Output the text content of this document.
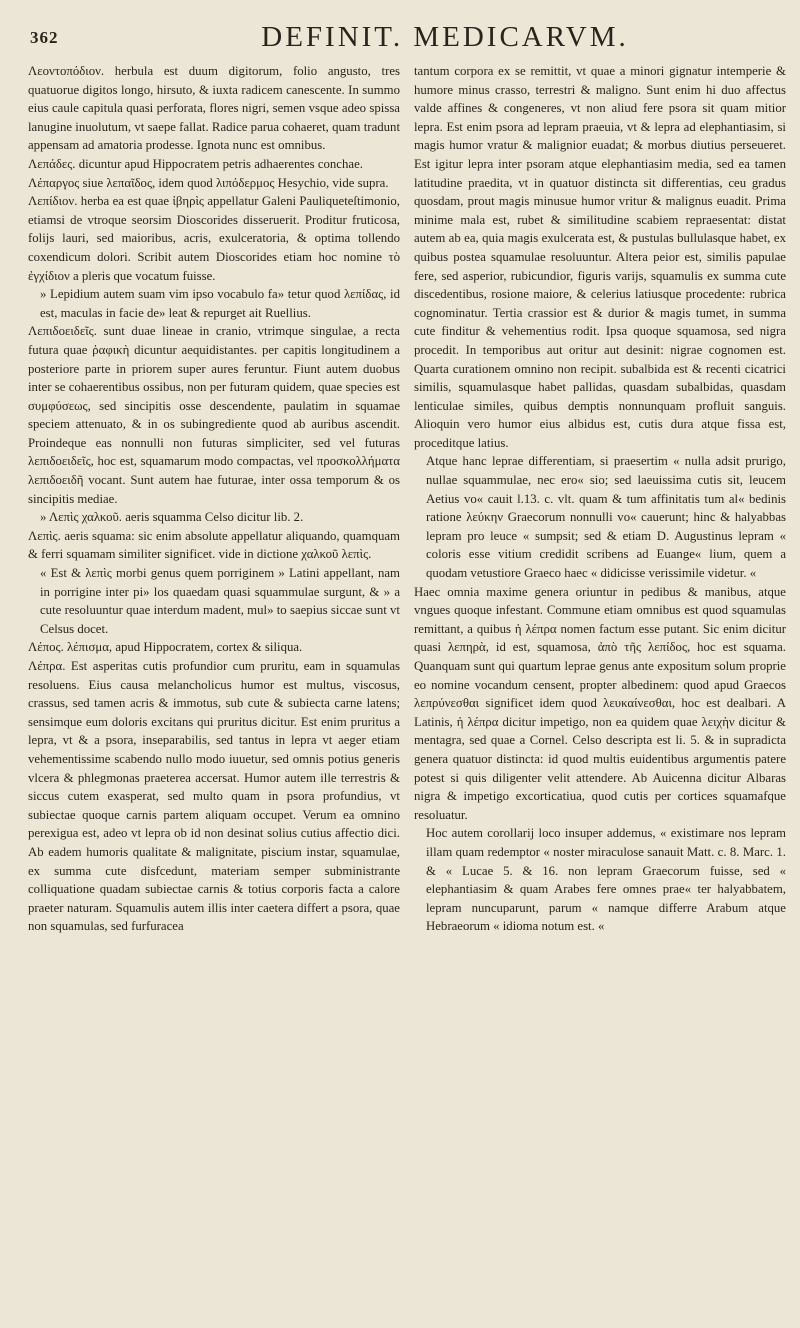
362	DEFINIT. MEDICARVM.

Λεοντοπόδιον. herbula est duum digitorum, folio angusto, tres quatuorue digitos longo, hirsuto, & iuxta radicem canescente. In summo eius caule capitula quasi perforata, flores nigri, semen vsque adeo spissa lanugine inuolutum, vt saepe fallat. Radice parua cohaeret, quam tradunt appensam ad amatoria prodesse. Ignota nunc est omnibus.

Λεπάδες. dicuntur apud Hippocratem petris adhaerentes conchae.

Λέπαργος siue λεπαῖδος, idem quod λιπόδερμος Hesychio, vide supra.

Λεπίδιον. herba ea est quae ἰβηρὶς appellatur Galeni Pauliqueteſtimonio, etiamsi de vtroque seorsim Dioscorides disseruerit. Proditur fruticosa, folijs lauri, sed maioribus, acris, exulceratoria, & optima tollendo coxendicum dolori. Scribit autem Dioscorides etiam hoc nomine τὸ ἐγχίδιον a pleris que vocatum fuisse.

» Lepidium autem suam vim ipso vocabulo fa» tetur quod λεπίδας, id est, maculas in facie de» leat & repurget ait Ruellius.

Λεπιδοειδεῖς. sunt duae lineae in cranio, vtrimque singulae, a recta futura quae ῥαφικὴ dicuntur aequidistantes. per capitis longitudinem a posteriore parte in priorem super aures feruntur. Fiunt autem duobus inter se cohaerentibus ossibus, non per futuram quidem, quae species est συμφύσεως, sed sincipitis osse descendente, paulatim in squamae speciem attenuato, & in os subingrediente quod ab auribus ascendit. Proindeque eas nonnulli non futuras simpliciter, sed vel futuras λεπιδοειδεῖς, hoc est, squamarum modo compactas, vel προσκολλήματα λεπιδοειδῆ vocant. Sunt autem hae futurae, inter ossa temporum & os sincipitis mediae.

» Λεπὶς χαλκοῦ. aeris squamma Celso dicitur lib. 2.

Λεπὶς. aeris squama: sic enim absolute appellatur aliquando, quamquam & ferri squamam similiter significet. vide in dictione χαλκοῦ λεπὶς.

« Est & λεπὶς morbi genus quem porriginem » Latini appellant, nam in porrigine inter pi» los quaedam quasi squammulae surgunt, & » a cute resoluuntur quae interdum madent, mul» to saepius siccae sunt vt Celsus docet.

Λέπος. λέπισμα, apud Hippocratem, cortex & siliqua.

Λέπρα. Est asperitas cutis profundior cum pruritu, eam in squamulas resoluens. Eius causa melancholicus humor est multus, viscosus, crassus, sed tamen acris & immotus, sub cute & subiecta carne latens; sensimque eum doloris excitans qui pruritus dicitur. Est enim pruritus a lepra, vt & a psora, inseparabilis, sed tantus in lepra vt aeger etiam vehementissime scabendo nullo modo iuuetur, sed omnis potius generis vlcera & phlegmonas praeterea accersat. Humor autem ille terrestris & siccus cutem exasperat, sed multo quam in psora profundius, vt subiectae quoque carnis partem aliquam occupet. Verum ea omnino perexigua est, adeo vt lepra ob id non desinat solius cutius affectio dici. Ab eadem humoris qualitate & malignitate, piscium instar, squamulae, ex summa cute disfcedunt, materiam semper subministrante colliquatione quadam subiectae carnis & totius corporis facta a calore praeter naturam. Squamulis autem illis inter caetera differt a psora, quae non squamulas, sed furfuracea

tantum corpora ex se remittit, vt quae a minori gignatur intemperie & humore minus crasso, terrestri & maligno. Sunt enim hi duo affectus valde affines & congeneres, vt non aliud fere psora sit quam mitior lepra. Est enim psora ad lepram praeuia, vt & lepra ad elephantiasim, si magis humor vratur & malignior euadat; & morbus diutius perseueret. Est igitur lepra inter psoram atque elephantiasim media, sed ea tamen latitudine praedita, vt in quatuor distincta sit differentias, ceu gradus quosdam, prout magis minusue humor vritur & malignus euadit. Prima minime mala est, rubet & similitudine scabiem repraesentat: distat autem ab ea, quia magis exulcerata est, & pustulas bullulasque habet, ex quibus postea squamulae resoluuntur. Altera peior est, similis papulae fere, sed asperior, rubicundior, figuris varijs, squamulis ex summa cute discedentibus, rosione maiore, & celerius latiusque procedente: rubrica cognominatur. Tertia crassior est & durior & magis tumet, in summa cute finditur & vehementius rodit. Ipsa quoque squamosa, sed nigra procedit. In temporibus aut oritur aut desinit: nigrae cognomen est. Quarta curationem omnino non recipit. subalbida est & recenti cicatrici similis, squamulasque habet pallidas, quasdam subalbidas, quasdam lenticulae similes, quibus demptis nonnunquam profluit sanguis. Alioquin vero humor eius albidus est, cutis dura atque fissa est, proceditque latius.

Atque hanc leprae differentiam, si praesertim « nulla adsit prurigo, nullae squammulae, nec ero« sio; sed laeuissima cutis sit, leucem Aetius vo« cauit l.13. c. vlt. quam & tum affinitatis tum al« bedinis ratione λεύκην Graecorum nonnulli vo« cauerunt; hinc & halyabbas lepram pro leuce « sumpsit; sed & etiam D. Augustinus lepram « coloris esse vitium credidit scribens ad Euange« lium, quem a quodam vetustiore Graeco haec « didicisse verissimile videtur. «

Haec omnia maxime genera oriuntur in pedibus & manibus, atque vngues quoque infestant. Commune etiam omnibus est quod squamulas remittant, a quibus ἡ λέπρα nomen factum esse putant. Sic enim dicitur quasi λεπηρὰ, id est, squamosa, ἀπὸ τῆς λεπίδος, hoc est squama. Quanquam sunt qui quartum leprae genus ante expositum solum proprie eo nomine vocandum censent, propter albedinem: quod apud Graecos λεπρύνεσθαι significet idem quod λευκαίνεσθαι, hoc est dealbari. A Latinis, ἡ λέπρα dicitur impetigo, non ea quidem quae λειχὴν dicitur & mentagra, sed quae a Cornel. Celso descripta est li. 5. & in supradicta genera quatuor distincta: id quod multis euidentibus argumentis patere potest si quis diligenter velit attendere. Ab Auicenna dicitur Albaras nigra & impetigo excorticatiua, quod cutis per cortices squamafque resoluatur.

Hoc autem corollarij loco insuper addemus, « existimare nos lepram illam quam redemptor « noster miraculose sanauit Matt. c. 8. Marc. 1. & « Lucae 5. & 16. non lepram Graecorum fuisse, sed « elephantiasim & quam Arabes fere omnes prae« ter halyabbatem, lepram nuncuparunt, parum « namque differre Arabum atque Hebraeorum « idioma notum est. «
